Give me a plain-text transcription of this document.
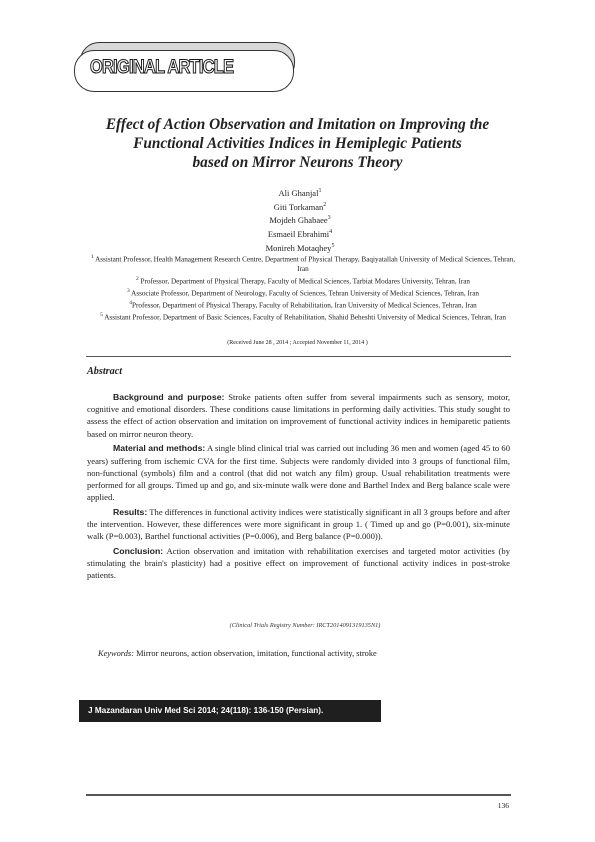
ORIGINAL ARTICLE
Effect of Action Observation and Imitation on Improving the
Functional Activities Indices in Hemiplegic Patients
based on Mirror Neurons Theory
Ali Ghanjal$^1$
Giti Torkaman$^2$
Mojdeh Ghabaee$^3$
Esmaeil Ebrahimi$^4$
Monireh Motaqhey$^5$
$^1$ Assistant Professor, Health Management Research Centre, Department of Physical Therapy, Baqiyatallah University of Medical Sciences, Tehran, Iran
$^2$ Professor, Department of Physical Therapy, Faculty of Medical Sciences, Tarbiat Modares University, Tehran, Iran
$^3$ Associate Professor, Department of Neurology, Faculty of Sciences, Tehran University of Medical Sciences, Tehran, Iran
$^4$Professor, Department of Physical Therapy, Faculty of Rehabilitation, Iran University of Medical Sciences, Tehran, Iran
$^5$ Assistant Professor, Department of Basic Sciences, Faculty of Rehabilitation, Shahid Beheshti University of Medical Sciences, Tehran, Iran
(Received June 28 , 2014 ; Accepted November 11, 2014 )
Abstract

Background and purpose: Stroke patients often suffer from several impairments such as sensory, motor, cognitive and emotional disorders. These conditions cause limitations in performing daily activities. This study sought to assess the effect of action observation and imitation on improvement of functional activity indices in hemiparetic patients based on mirror neuron theory.

Material and methods: A single blind clinical trial was carried out including 36 men and women (aged 45 to 60 years) suffering from ischemic CVA for the first time. Subjects were randomly divided into 3 groups of functional film, non-functional (symbols) film and a control (that did not watch any film) group. Usual rehabilitation treatments were performed for all groups. Timed up and go, and six-minute walk were done and Barthel Index and Berg balance scale were applied.

Results: The differences in functional activity indices were statistically significant in all 3 groups before and after the intervention. However, these differences were more significant in group 1. ( Timed up and go (P=0.001), six-minute walk (P=0.003), Barthel functional activities (P=0.006), and Berg balance (P=0.000)).

Conclusion: Action observation and imitation with rehabilitation exercises and targeted motor activities (by stimulating the brain's plasticity) had a positive effect on improvement of functional activity indices in post-stroke patients.

(Clinical Trials Registry Number: IRCT2014091319135N1)
Keywords: Mirror neurons, action observation, imitation, functional activity, stroke
J Mazandaran Univ Med Sci 2014; 24(118): 136-150 (Persian).
136
